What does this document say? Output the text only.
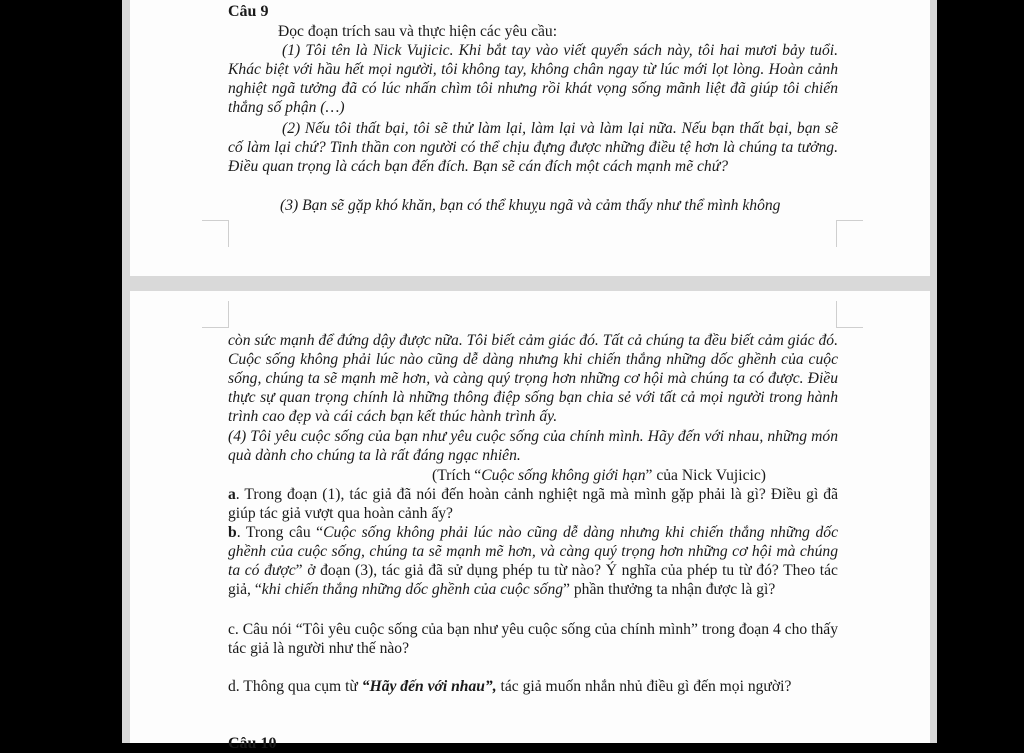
Câu 9
Đọc đoạn trích sau và thực hiện các yêu cầu:
(1) Tôi tên là Nick Vujicic. Khi bắt tay vào viết quyển sách này, tôi hai mươi bảy tuổi. Khác biệt với hầu hết mọi người, tôi không tay, không chân ngay từ lúc mới lọt lòng. Hoàn cảnh nghiệt ngã tưởng đã có lúc nhấn chìm tôi nhưng rồi khát vọng sống mãnh liệt đã giúp tôi chiến thắng số phận (…)
(2) Nếu tôi thất bại, tôi sẽ thử làm lại, làm lại và làm lại nữa. Nếu bạn thất bại, bạn sẽ cố làm lại chứ? Tinh thần con người có thể chịu đựng được những điều tệ hơn là chúng ta tưởng. Điều quan trọng là cách bạn đến đích. Bạn sẽ cán đích một cách mạnh mẽ chứ?
(3) Bạn sẽ gặp khó khăn, bạn có thể khuỵu ngã và cảm thấy như thể mình không
còn sức mạnh để đứng dậy được nữa. Tôi biết cảm giác đó. Tất cả chúng ta đều biết cảm giác đó. Cuộc sống không phải lúc nào cũng dễ dàng nhưng khi chiến thắng những dốc ghềnh của cuộc sống, chúng ta sẽ mạnh mẽ hơn, và càng quý trọng hơn những cơ hội mà chúng ta có được. Điều thực sự quan trọng chính là những thông điệp sống bạn chia sẻ với tất cả mọi người trong hành trình cao đẹp và cái cách bạn kết thúc hành trình ấy.
(4) Tôi yêu cuộc sống của bạn như yêu cuộc sống của chính mình. Hãy đến với nhau, những món quà dành cho chúng ta là rất đáng ngạc nhiên.
(Trích “Cuộc sống không giới hạn” của Nick Vujicic)
a. Trong đoạn (1), tác giả đã nói đến hoàn cảnh nghiệt ngã mà mình gặp phải là gì? Điều gì đã giúp tác giả vượt qua hoàn cảnh ấy?
b. Trong câu “Cuộc sống không phải lúc nào cũng dễ dàng nhưng khi chiến thắng những dốc ghềnh của cuộc sống, chúng ta sẽ mạnh mẽ hơn, và càng quý trọng hơn những cơ hội mà chúng ta có được” ở đoạn (3), tác giả đã sử dụng phép tu từ nào? Ý nghĩa của phép tu từ đó? Theo tác giả, “khi chiến thắng những dốc ghềnh của cuộc sống” phần thưởng ta nhận được là gì?
c. Câu nói “Tôi yêu cuộc sống của bạn như yêu cuộc sống của chính mình” trong đoạn 4 cho thấy tác giả là người như thế nào?
d. Thông qua cụm từ “Hãy đến với nhau”, tác giả muốn nhắn nhủ điều gì đến mọi người?
Câu 10
